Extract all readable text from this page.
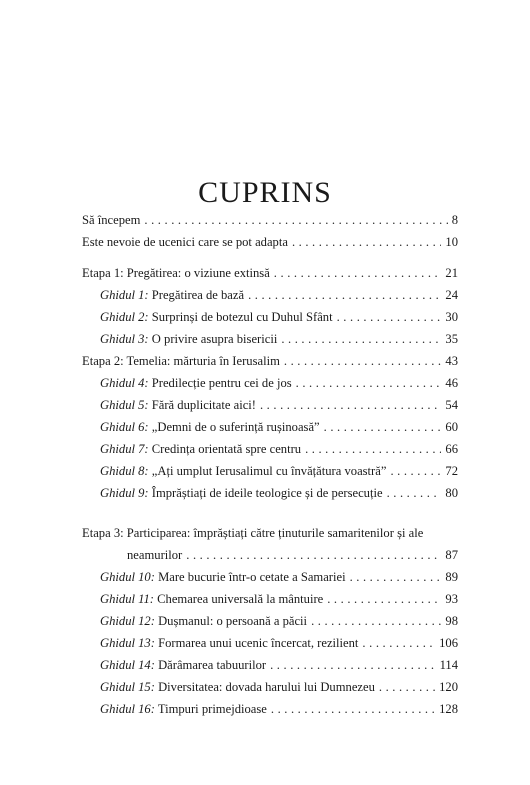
CUPRINS
Să începem . . .	8
Este nevoie de ucenici care se pot adapta . . .	10
Etapa 1: Pregătirea: o viziune extinsă . . .	21
Ghidul 1: Pregătirea de bază . . .	24
Ghidul 2: Surprinși de botezul cu Duhul Sfânt . . .	30
Ghidul 3: O privire asupra bisericii . . .	35
Etapa 2: Temelia: mărturia în Ierusalim . . .	43
Ghidul 4: Predilecție pentru cei de jos . . .	46
Ghidul 5: Fără duplicitate aici! . . .	54
Ghidul 6: „Demni de o suferință rușinoasă” . . .	60
Ghidul 7: Credința orientată spre centru . . .	66
Ghidul 8: „Ați umplut Ierusalimul cu învățătura voastră” . . .	72
Ghidul 9: Împrăștiați de ideile teologice și de persecuție . . .	80
Etapa 3: Participarea: împrăștiați către ținuturile samaritenilor și ale
neamurilor . . .	87
Ghidul 10: Mare bucurie într-o cetate a Samariei . . .	89
Ghidul 11: Chemarea universală la mântuire . . .	93
Ghidul 12: Dușmanul: o persoană a păcii . . .	98
Ghidul 13: Formarea unui ucenic încercat, rezilient . . .	106
Ghidul 14: Dărâmarea tabuurilor . . .	114
Ghidul 15: Diversitatea: dovada harului lui Dumnezeu . . .	120
Ghidul 16: Timpuri primejdioase . . .	128
